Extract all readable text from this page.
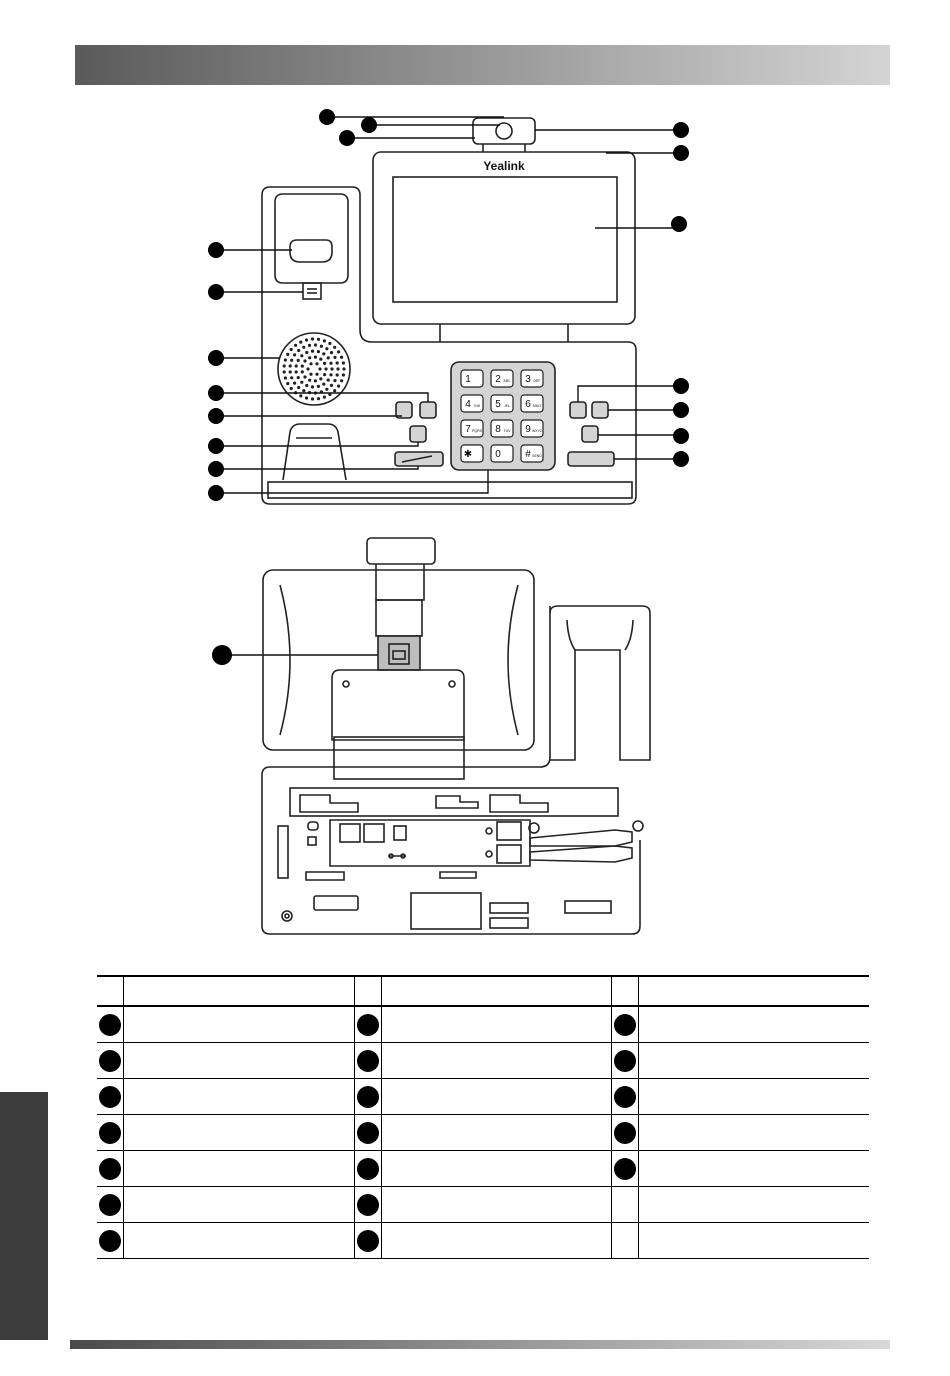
1 2 ABC 3 DEF
4 GHI 5 JKL 6 MNO
7 PQRS 8 TUV 9 WXYZ
✱ 0 # SEND
Yealink
